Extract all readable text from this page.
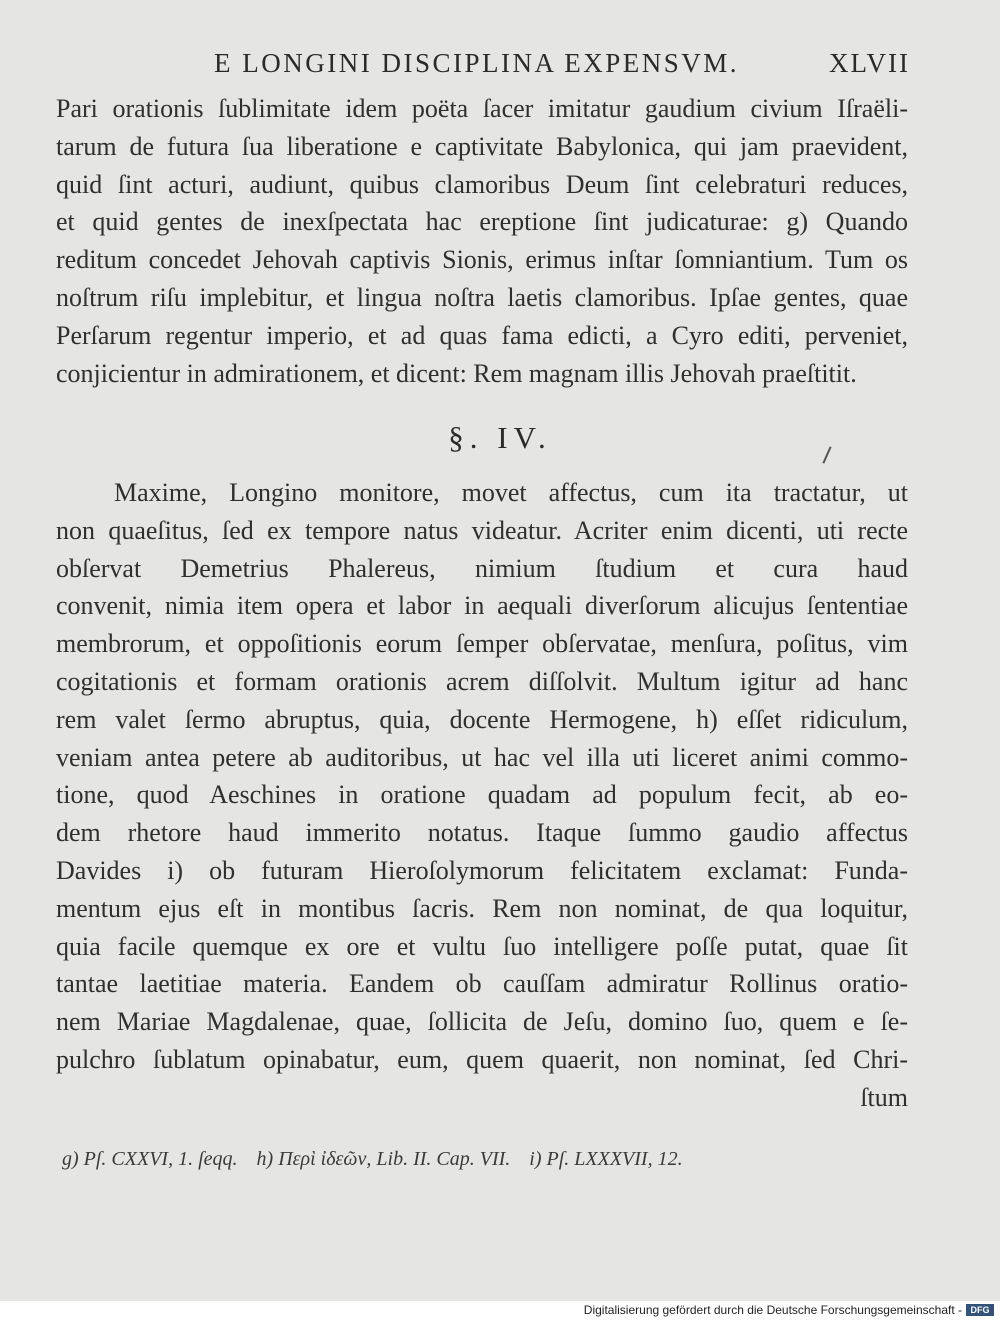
E LONGINI DISCIPLINA EXPENSVM.	XLVII
Pari orationis ſublimitate idem poëta ſacer imitatur gaudium civium Iſraëli-
tarum de futura ſua liberatione e captivitate Babylonica, qui jam praevident,
quid ſint acturi, audiunt, quibus clamoribus Deum ſint celebraturi reduces,
et quid gentes de inexſpectata hac ereptione ſint judicaturae: g) Quando
reditum concedet Jehovah captivis Sionis, erimus inſtar ſomniantium. Tum os
noſtrum riſu implebitur, et lingua noſtra laetis clamoribus. Ipſae gentes, quae
Perſarum regentur imperio, et ad quas fama edicti, a Cyro editi, perveniet,
conjicientur in admirationem, et dicent: Rem magnam illis Jehovah praeſtitit.
§. IV.
Maxime, Longino monitore, movet affectus, cum ita tractatur, ut
non quaeſitus, ſed ex tempore natus videatur. Acriter enim dicenti, uti recte
obſervat Demetrius Phalereus, nimium ſtudium et cura haud
convenit, nimia item opera et labor in aequali diverſorum alicujus ſententiae
membrorum, et oppoſitionis eorum ſemper obſervatae, menſura, poſitus, vim
cogitationis et formam orationis acrem diſſolvit. Multum igitur ad hanc
rem valet ſermo abruptus, quia, docente Hermogene, h) eſſet ridiculum,
veniam antea petere ab auditoribus, ut hac vel illa uti liceret animi commo-
tione, quod Aeschines in oratione quadam ad populum fecit, ab eo-
dem rhetore haud immerito notatus. Itaque ſummo gaudio affectus
Davides i) ob futuram Hieroſolymorum felicitatem exclamat: Funda-
mentum ejus eſt in montibus ſacris. Rem non nominat, de qua loquitur,
quia facile quemque ex ore et vultu ſuo intelligere poſſe putat, quae ſit
tantae laetitiae materia. Eandem ob cauſſam admiratur Rollinus oratio-
nem Mariae Magdalenae, quae, ſollicita de Jeſu, domino ſuo, quem e ſe-
pulchro ſublatum opinabatur, eum, quem quaerit, non nominat, ſed Chri-
ſtum
g) Pſ. CXXVI, 1. ſeqq. h) Περὶ ἰδεῶν, Lib. II. Cap. VII. i) Pſ. LXXXVII, 12.
Digitalisierung gefördert durch die Deutsche Forschungsgemeinschaft - DFG
